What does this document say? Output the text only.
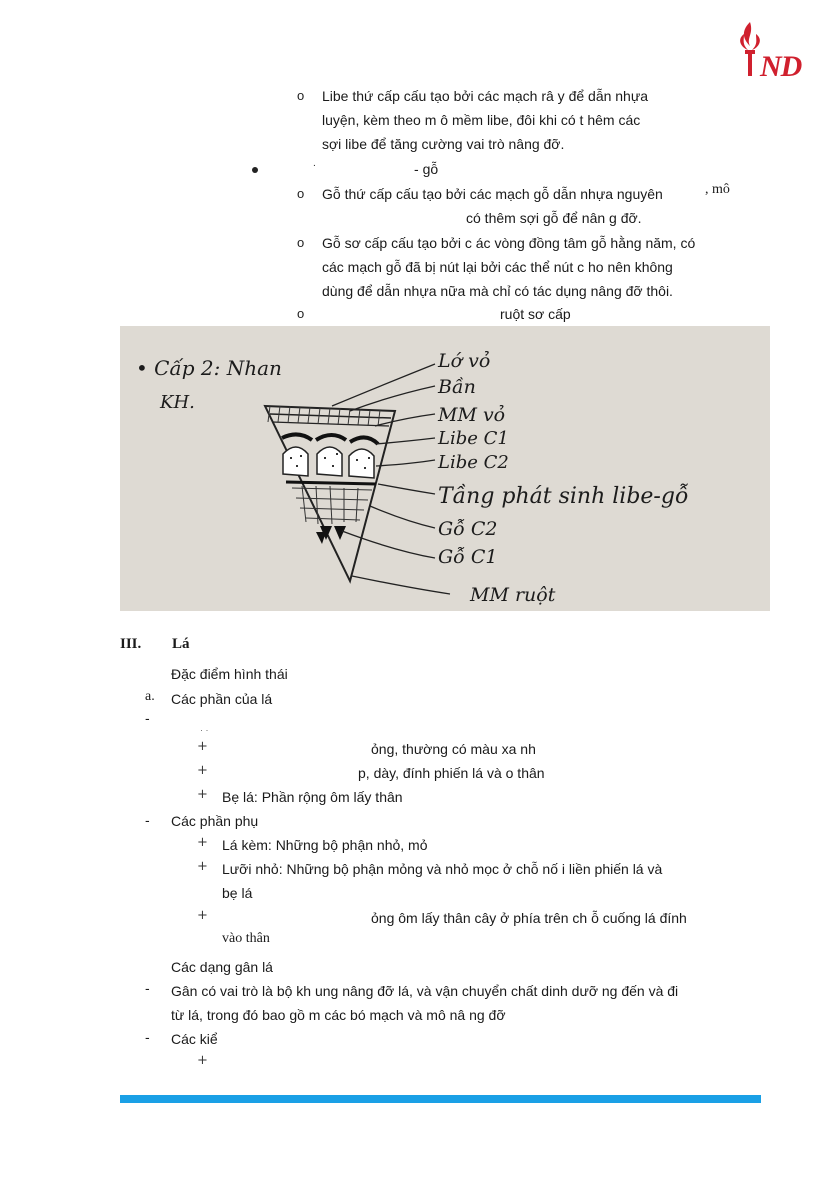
ND
o Libe thứ cấp cấu tạo bởi các mạch râ y để dẫn nhựa
luyện, kèm theo m ô mềm libe, đôi khi có t hêm các
sợi libe để tăng cường vai trò nâng đỡ.
.	- gỗ
o Gỗ thứ cấp cấu tạo bởi các mạch gỗ dẫn nhựa nguyên	, mô
có thêm sợi gỗ để nân g đỡ.
o Gỗ sơ cấp cấu tạo bởi c ác vòng đồng tâm gỗ hằng năm, có
các mạch gỗ đã bị nút lại bởi các thể nút c ho nên không
dùng để dẫn nhựa nữa mà chỉ có tác dụng nâng đỡ thôi.
o	ruột sơ cấp
• Cấp 2: Nhan
KH.
Lớ vỏ
Bần
MM vỏ
Libe C1
Libe C2
Tầng phát sinh libe-gỗ
Gỗ C2
Gỗ C1
MM ruột
III. Lá
Đặc điểm hình thái
a. Các phần của lá
-
· ·
+	ỏng, thường có màu xa nh
+	p, dày, đính phiến lá và o thân
+ Bẹ lá: Phần rộng ôm lấy thân
- Các phần phụ
+ Lá kèm: Những bộ phận nhỏ, mỏ
+ Lưỡi nhỏ: Những bộ phận mỏng và nhỏ mọc ở chỗ nố i liền phiến lá và
bẹ lá
+	ỏng ôm lấy thân cây ở phía trên ch ỗ cuống lá đính
vào thân
Các dạng gân lá
- Gân có vai trò là bộ kh ung nâng đỡ lá, và vận chuyển chất dinh dưỡ ng đến và đi
từ lá, trong đó bao gồ m các bó mạch và mô nâ ng đỡ
- Các kiể
+
